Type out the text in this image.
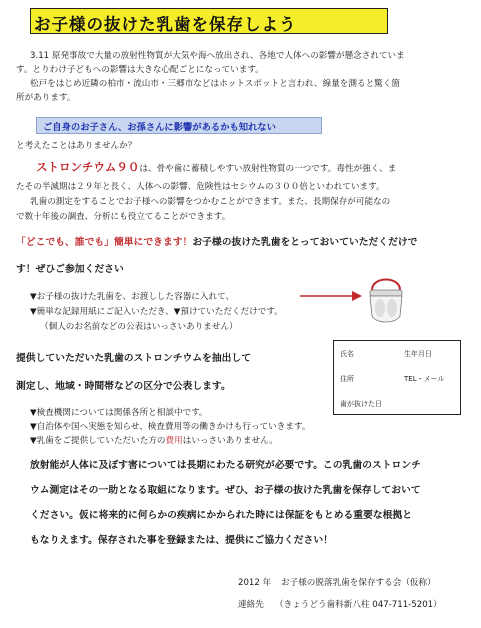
お子様の抜けた乳歯を保存しよう
3.11 原発事故で大量の放射性物質が大気や海へ放出され、各地で人体への影響が懸念されていま
す。とりわけ子どもへの影響は大きな心配ごとになっています。
松戸をはじめ近隣の柏市・流山市・三郷市などはホットスポットと言われ、線量を測ると驚く箇
所があります。
ご自身のお子さん、お孫さんに影響があるかも知れない
と考えたことはありませんか？
ストロンチウム９０は、骨や歯に蓄積しやすい放射性物質の一つです。毒性が強く、ま
たその半減期は２９年と長く、人体への影響、危険性はセシウムの３００倍といわれています。
乳歯の測定をすることでお子様への影響をつかむことができます。また、長期保存が可能なの
で数十年後の調査、分析にも役立てることができます。
「どこでも、誰でも」簡単にできます！お子様の抜けた乳歯をとっておいていただくだけで
す！ぜひご参加ください
▼お子様の抜けた乳歯を、お渡しした容器に入れて、
▼簡単な記録用紙にご記入いただき、▼預けていただくだけです。
（個人のお名前などの公表はいっさいありません）
提供していただいた乳歯のストロンチウムを抽出して
測定し、地域・時間帯などの区分で公表します。
氏名	生年月日
住所	TEL・メール
歯が抜けた日
▼検査機関については関係各所と相談中です。
▼自治体や国へ実態を知らせ、検査費用等の働きかけも行っていきます。
▼乳歯をご提供していただいた方の費用はいっさいありません。
放射能が人体に及ぼす害については長期にわたる研究が必要です。この乳歯のストロンチ
ウム測定はその一助となる取組になります。ぜひ、お子様の抜けた乳歯を保存しておいて
ください。仮に将来的に何らかの疾病にかかられた時には保証をもとめる重要な根拠と
もなりえます。保存された事を登録または、提供にご協力ください！
2012 年 お子様の脱落乳歯を保存する会（仮称）
連絡先 （きょうどう歯科新八柱 047-711-5201）
